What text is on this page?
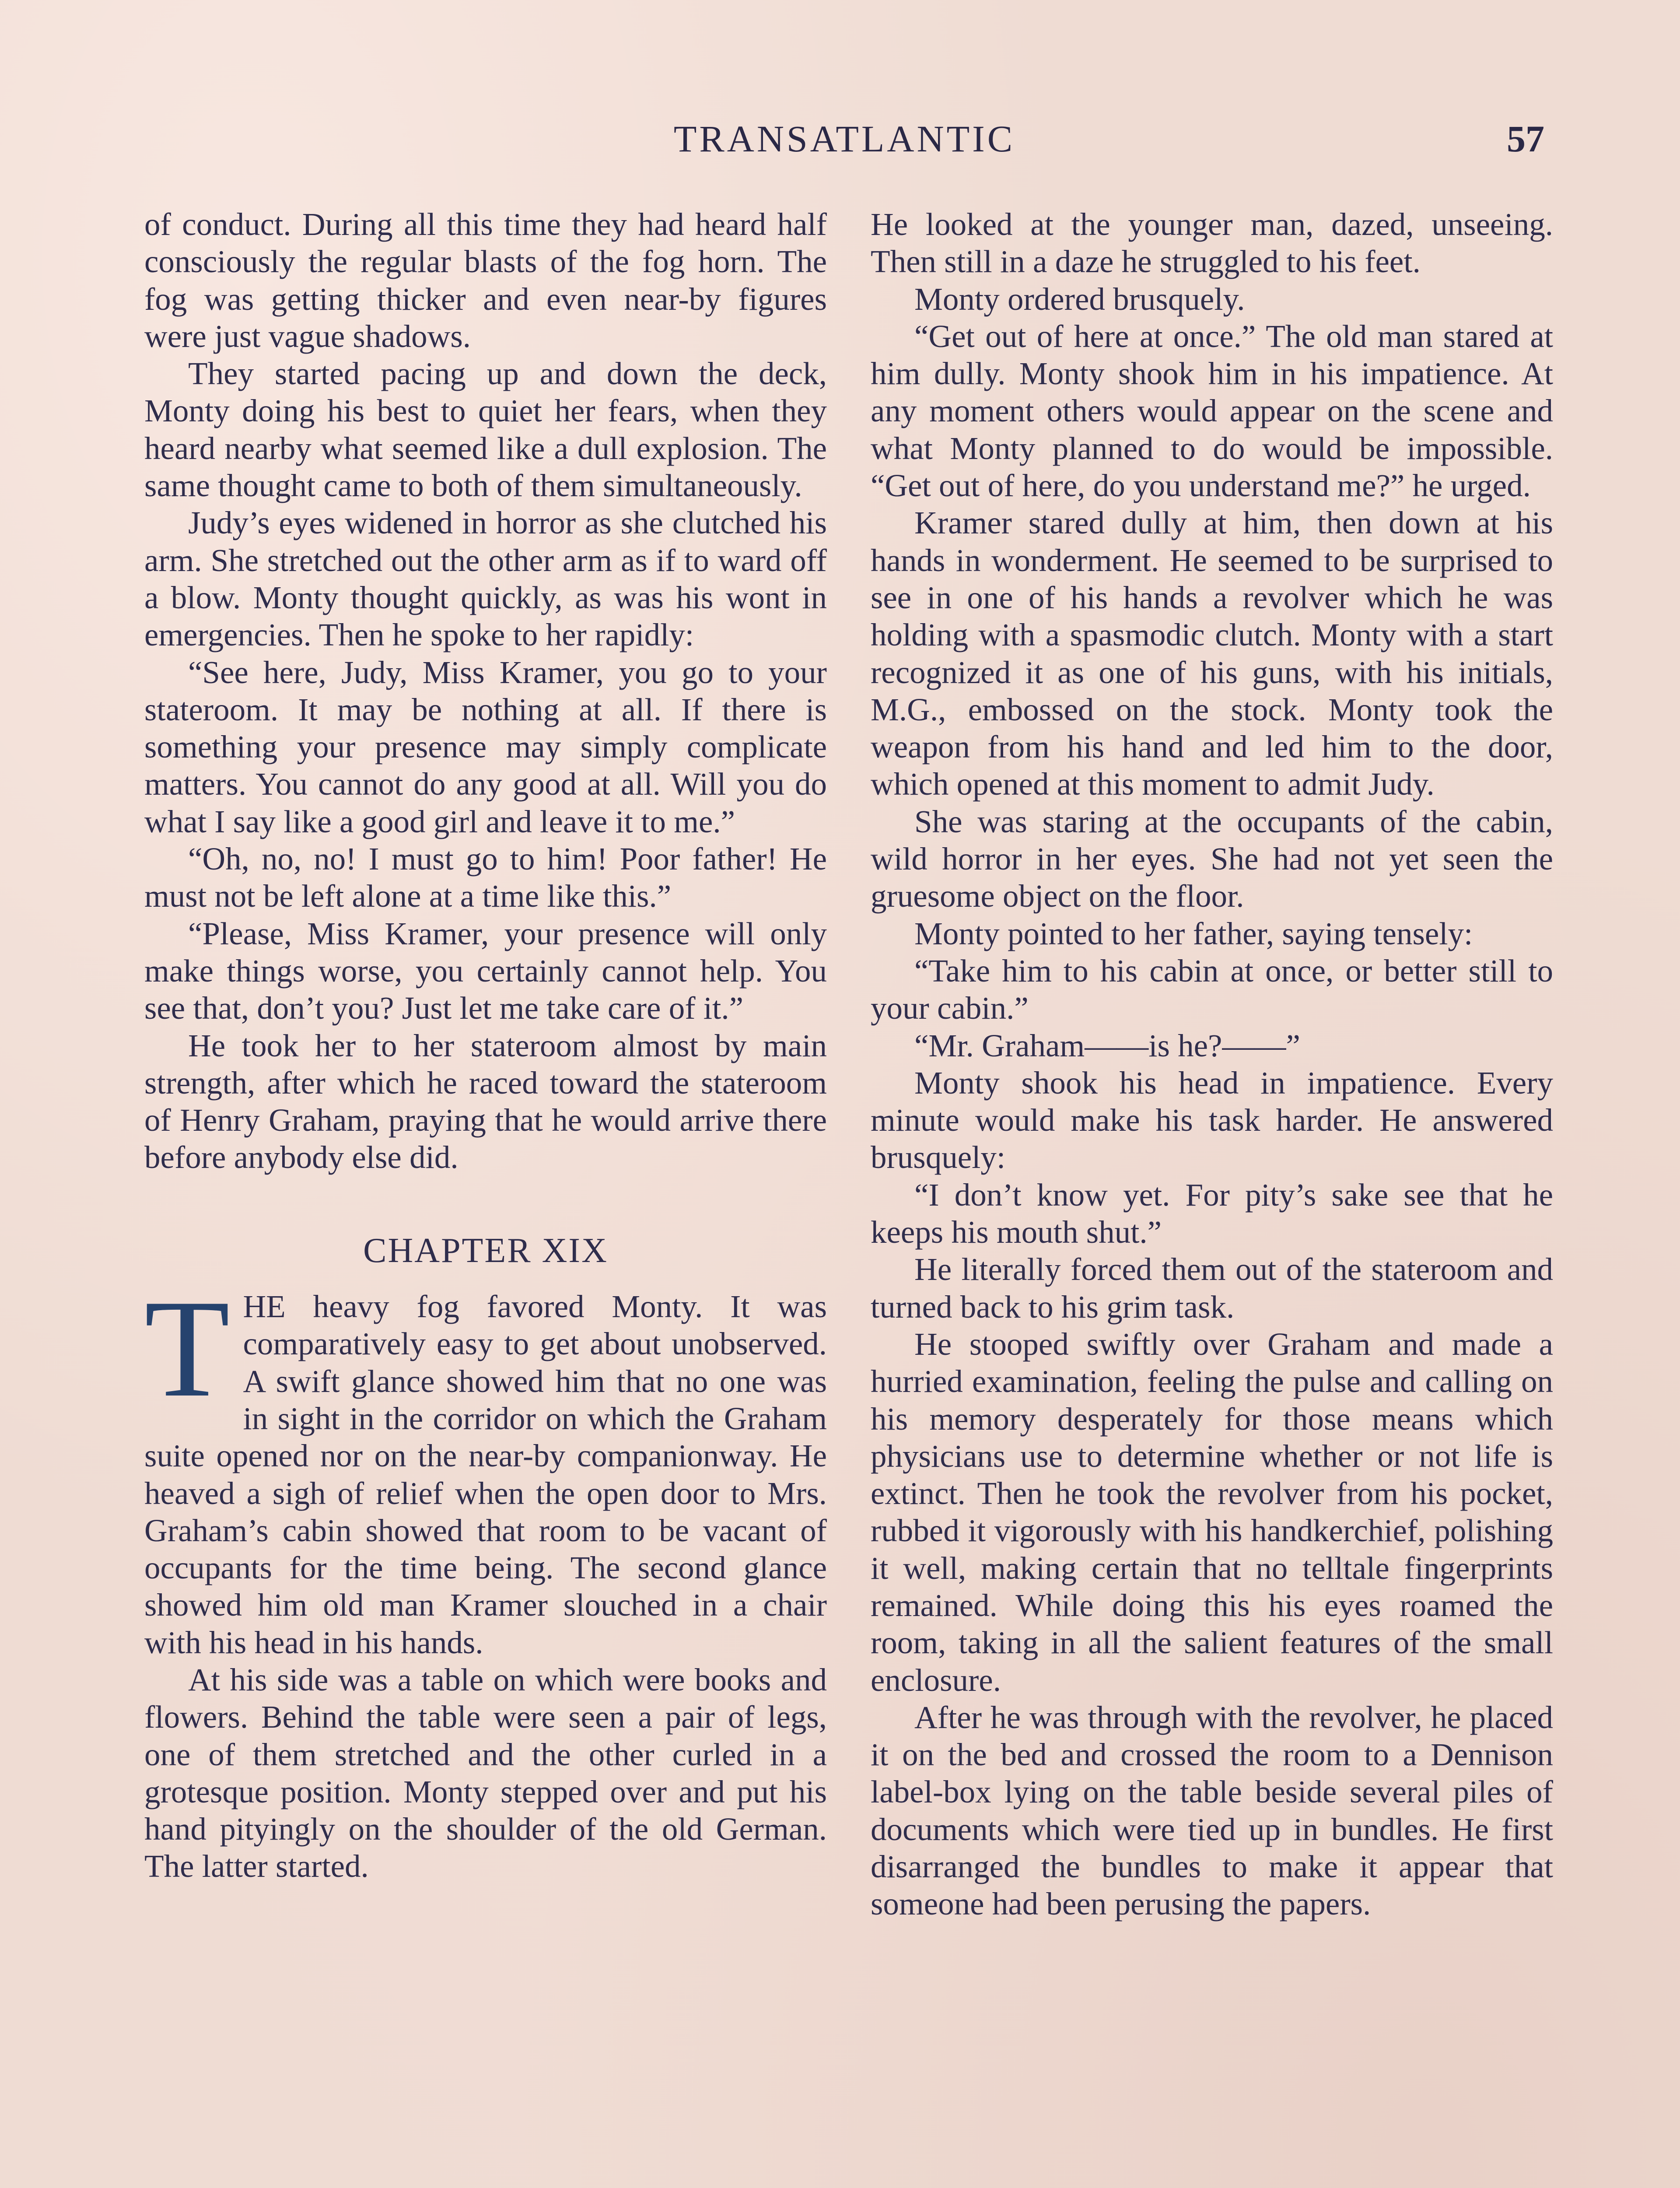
TRANSATLANTIC	57

of conduct. During all this time they had heard half consciously the regular blasts of the fog horn. The fog was getting thicker and even near-by figures were just vague shadows.

They started pacing up and down the deck, Monty doing his best to quiet her fears, when they heard nearby what seemed like a dull explosion. The same thought came to both of them simultaneously.

Judy’s eyes widened in horror as she clutched his arm. She stretched out the other arm as if to ward off a blow. Monty thought quickly, as was his wont in emergencies. Then he spoke to her rapidly:

“See here, Judy, Miss Kramer, you go to your stateroom. It may be nothing at all. If there is something your presence may simply complicate matters. You cannot do any good at all. Will you do what I say like a good girl and leave it to me.”

“Oh, no, no! I must go to him! Poor father! He must not be left alone at a time like this.”

“Please, Miss Kramer, your presence will only make things worse, you certainly cannot help. You see that, don’t you? Just let me take care of it.”

He took her to her stateroom almost by main strength, after which he raced toward the stateroom of Henry Graham, praying that he would arrive there before anybody else did.

CHAPTER XIX

THE heavy fog favored Monty. It was comparatively easy to get about unobserved. A swift glance showed him that no one was in sight in the corridor on which the Graham suite opened nor on the near-by companionway. He heaved a sigh of relief when the open door to Mrs. Graham’s cabin showed that room to be vacant of occupants for the time being. The second glance showed him old man Kramer slouched in a chair with his head in his hands.

At his side was a table on which were books and flowers. Behind the table were seen a pair of legs, one of them stretched and the other curled in a grotesque position. Monty stepped over and put his hand pityingly on the shoulder of the old German. The latter started.

He looked at the younger man, dazed, unseeing. Then still in a daze he struggled to his feet.

Monty ordered brusquely.

“Get out of here at once.” The old man stared at him dully. Monty shook him in his impatience. At any moment others would appear on the scene and what Monty planned to do would be impossible. “Get out of here, do you understand me?” he urged.

Kramer stared dully at him, then down at his hands in wonderment. He seemed to be surprised to see in one of his hands a revolver which he was holding with a spasmodic clutch. Monty with a start recognized it as one of his guns, with his initials, M.G., embossed on the stock. Monty took the weapon from his hand and led him to the door, which opened at this moment to admit Judy.

She was staring at the occupants of the cabin, wild horror in her eyes. She had not yet seen the gruesome object on the floor.

Monty pointed to her father, saying tensely:

“Take him to his cabin at once, or better still to your cabin.”

“Mr. Graham——is he?——”

Monty shook his head in impatience. Every minute would make his task harder. He answered brusquely:

“I don’t know yet. For pity’s sake see that he keeps his mouth shut.”

He literally forced them out of the stateroom and turned back to his grim task.

He stooped swiftly over Graham and made a hurried examination, feeling the pulse and calling on his memory desperately for those means which physicians use to determine whether or not life is extinct. Then he took the revolver from his pocket, rubbed it vigorously with his handkerchief, polishing it well, making certain that no telltale fingerprints remained. While doing this his eyes roamed the room, taking in all the salient features of the small enclosure.

After he was through with the revolver, he placed it on the bed and crossed the room to a Dennison label-box lying on the table beside several piles of documents which were tied up in bundles. He first disarranged the bundles to make it appear that someone had been perusing the papers.
